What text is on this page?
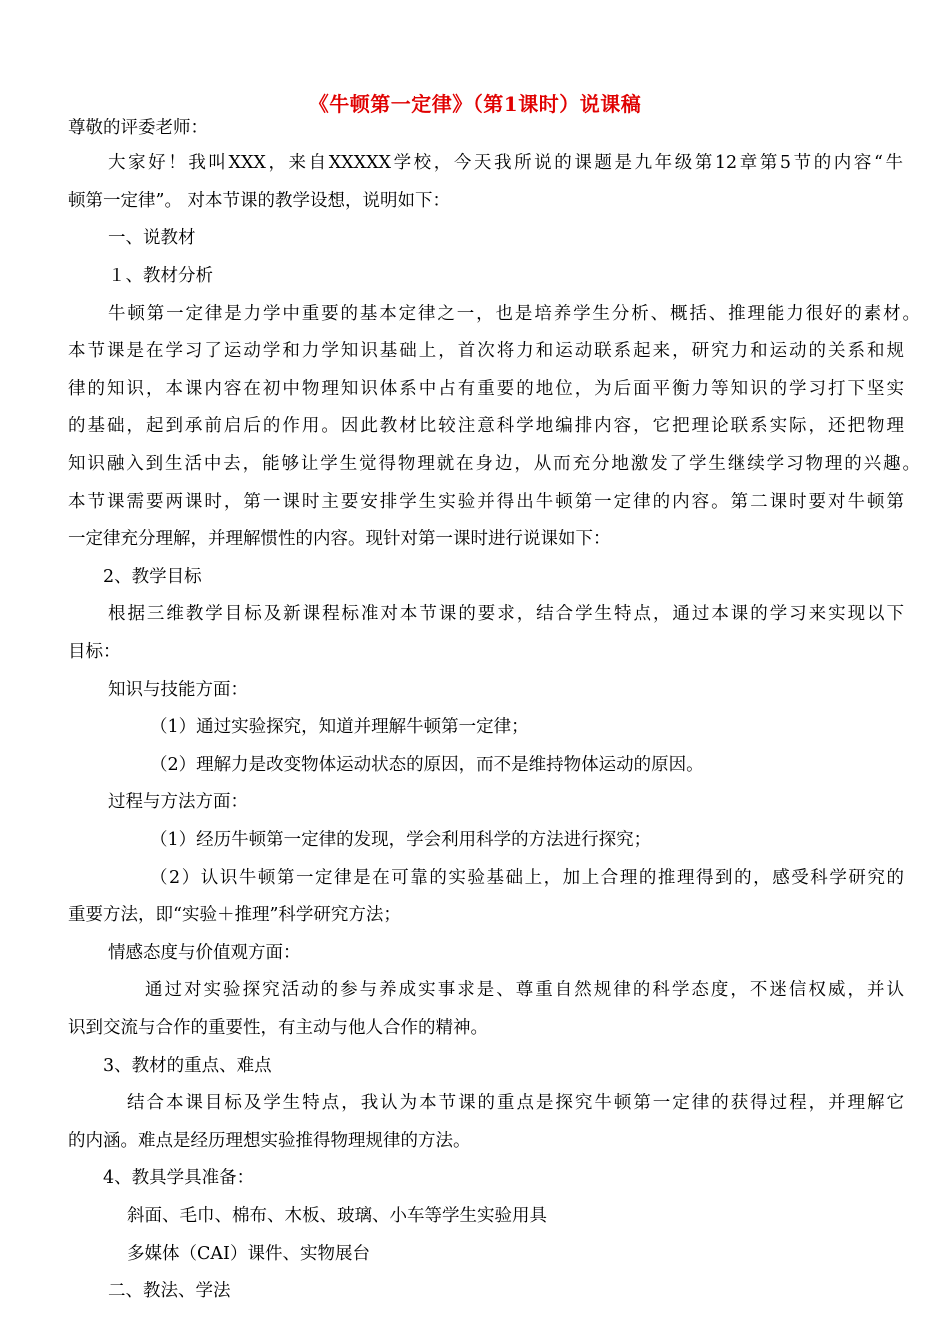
《牛顿第一定律》（第1课时）说课稿
尊敬的评委老师：
大家好！我叫XXX，来自XXXXX学校，今天我所说的课题是九年级第12章第5节的内容“牛
顿第一定律”。 对本节课的教学设想，说明如下：
一、说教材
１、教材分析
牛顿第一定律是力学中重要的基本定律之一，也是培养学生分析、概括、推理能力很好的素材。
本节课是在学习了运动学和力学知识基础上，首次将力和运动联系起来，研究力和运动的关系和规
律的知识，本课内容在初中物理知识体系中占有重要的地位，为后面平衡力等知识的学习打下坚实
的基础，起到承前启后的作用。因此教材比较注意科学地编排内容，它把理论联系实际，还把物理
知识融入到生活中去，能够让学生觉得物理就在身边，从而充分地激发了学生继续学习物理的兴趣。
本节课需要两课时，第一课时主要安排学生实验并得出牛顿第一定律的内容。第二课时要对牛顿第
一定律充分理解，并理解惯性的内容。现针对第一课时进行说课如下：
2、教学目标
根据三维教学目标及新课程标准对本节课的要求，结合学生特点，通过本课的学习来实现以下
目标：
知识与技能方面：
（1）通过实验探究，知道并理解牛顿第一定律；
（2）理解力是改变物体运动状态的原因，而不是维持物体运动的原因。
过程与方法方面：
（1）经历牛顿第一定律的发现，学会利用科学的方法进行探究；
（2）认识牛顿第一定律是在可靠的实验基础上，加上合理的推理得到的，感受科学研究的
重要方法，即“实验＋推理”科学研究方法；
情感态度与价值观方面：
通过对实验探究活动的参与养成实事求是、尊重自然规律的科学态度，不迷信权威，并认
识到交流与合作的重要性，有主动与他人合作的精神。
3、教材的重点、难点
结合本课目标及学生特点，我认为本节课的重点是探究牛顿第一定律的获得过程，并理解它
的内涵。难点是经历理想实验推得物理规律的方法。
4、教具学具准备：
斜面、毛巾、棉布、木板、玻璃、小车等学生实验用具
多媒体（CAI）课件、实物展台
二、教法、学法
